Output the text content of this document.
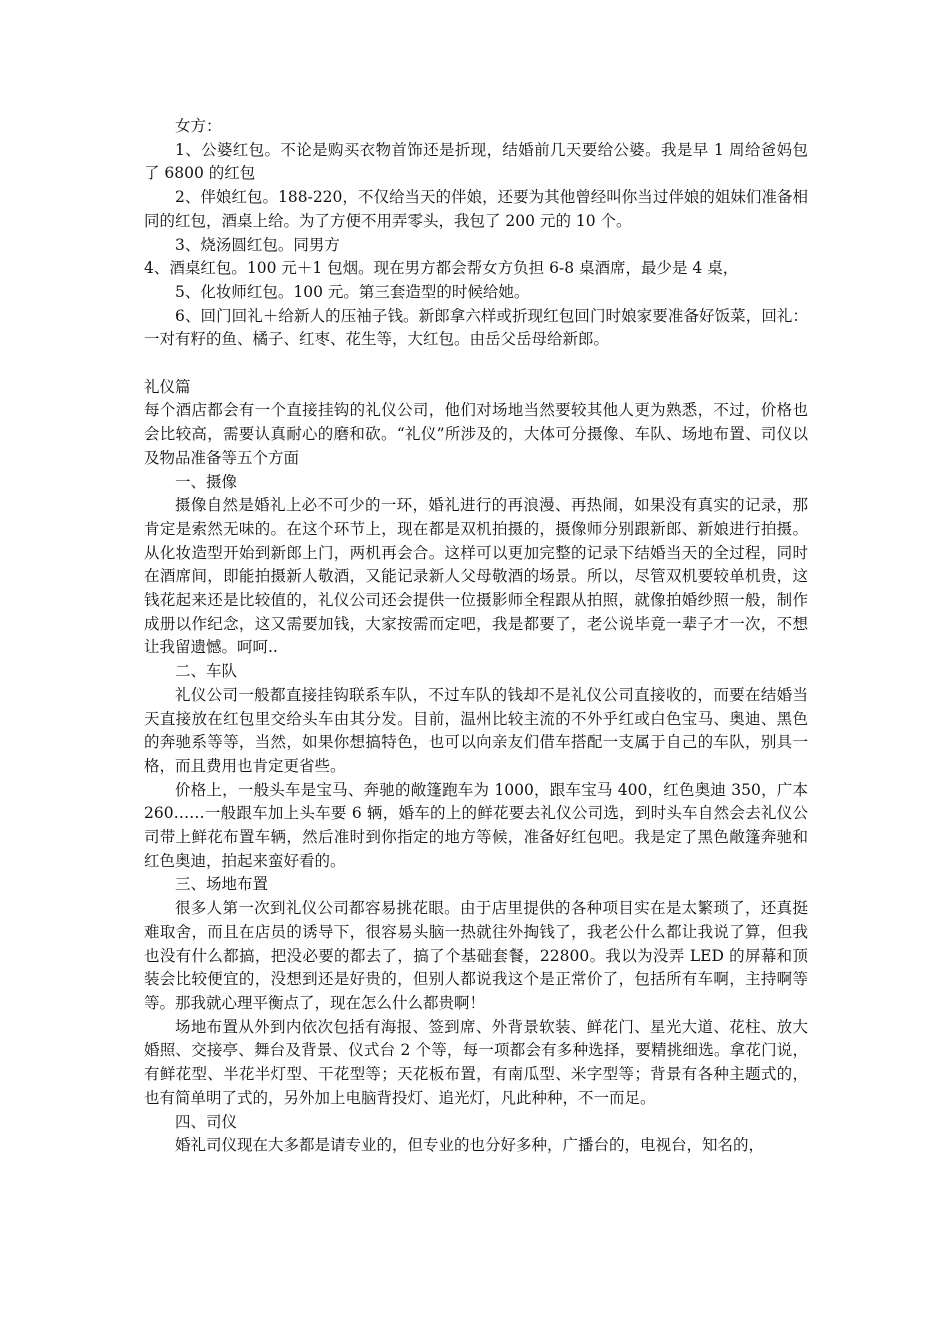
女方：

1、公婆红包。不论是购买衣物首饰还是折现，结婚前几天要给公婆。我是早 1 周给爸妈包了 6800 的红包

2、伴娘红包。188-220，不仅给当天的伴娘，还要为其他曾经叫你当过伴娘的姐妹们准备相同的红包，酒桌上给。为了方便不用弄零头，我包了 200 元的 10 个。

3、烧汤圆红包。同男方

4、酒桌红包。100 元＋1 包烟。现在男方都会帮女方负担 6-8 桌酒席，最少是 4 桌，

5、化妆师红包。100 元。第三套造型的时候给她。

6、回门回礼＋给新人的压袖子钱。新郎拿六样或折现红包回门时娘家要准备好饭菜，回礼：一对有籽的鱼、橘子、红枣、花生等，大红包。由岳父岳母给新郎。

礼仪篇

每个酒店都会有一个直接挂钩的礼仪公司，他们对场地当然要较其他人更为熟悉，不过，价格也会比较高，需要认真耐心的磨和砍。“礼仪”所涉及的，大体可分摄像、车队、场地布置、司仪以及物品准备等五个方面

一、摄像

摄像自然是婚礼上必不可少的一环，婚礼进行的再浪漫、再热闹，如果没有真实的记录，那肯定是索然无味的。在这个环节上，现在都是双机拍摄的，摄像师分别跟新郎、新娘进行拍摄。从化妆造型开始到新郎上门，两机再会合。这样可以更加完整的记录下结婚当天的全过程，同时在酒席间，即能拍摄新人敬酒，又能记录新人父母敬酒的场景。所以，尽管双机要较单机贵，这钱花起来还是比较值的，礼仪公司还会提供一位摄影师全程跟从拍照，就像拍婚纱照一般，制作成册以作纪念，这又需要加钱，大家按需而定吧，我是都要了，老公说毕竟一辈子才一次，不想让我留遗憾。呵呵..

二、车队

礼仪公司一般都直接挂钩联系车队，不过车队的钱却不是礼仪公司直接收的，而要在结婚当天直接放在红包里交给头车由其分发。目前，温州比较主流的不外乎红或白色宝马、奥迪、黑色的奔驰系等等，当然，如果你想搞特色，也可以向亲友们借车搭配一支属于自己的车队，别具一格，而且费用也肯定更省些。

价格上，一般头车是宝马、奔驰的敞篷跑车为 1000，跟车宝马 400，红色奥迪 350，广本 260……一般跟车加上头车要 6 辆，婚车的上的鲜花要去礼仪公司选，到时头车自然会去礼仪公司带上鲜花布置车辆，然后准时到你指定的地方等候，准备好红包吧。我是定了黑色敞篷奔驰和红色奥迪，拍起来蛮好看的。

三、场地布置

很多人第一次到礼仪公司都容易挑花眼。由于店里提供的各种项目实在是太繁琐了，还真挺难取舍，而且在店员的诱导下，很容易头脑一热就往外掏钱了，我老公什么都让我说了算，但我也没有什么都搞，把没必要的都去了，搞了个基础套餐，22800。我以为没弄 LED 的屏幕和顶装会比较便宜的，没想到还是好贵的，但别人都说我这个是正常价了，包括所有车啊，主持啊等等。那我就心理平衡点了，现在怎么什么都贵啊！

场地布置从外到内依次包括有海报、签到席、外背景软装、鲜花门、星光大道、花柱、放大婚照、交接亭、舞台及背景、仪式台 2 个等，每一项都会有多种选择，要精挑细选。拿花门说，有鲜花型、半花半灯型、干花型等；天花板布置，有南瓜型、米字型等；背景有各种主题式的，也有简单明了式的，另外加上电脑背投灯、追光灯，凡此种种，不一而足。

四、司仪

婚礼司仪现在大多都是请专业的，但专业的也分好多种，广播台的，电视台，知名的，
